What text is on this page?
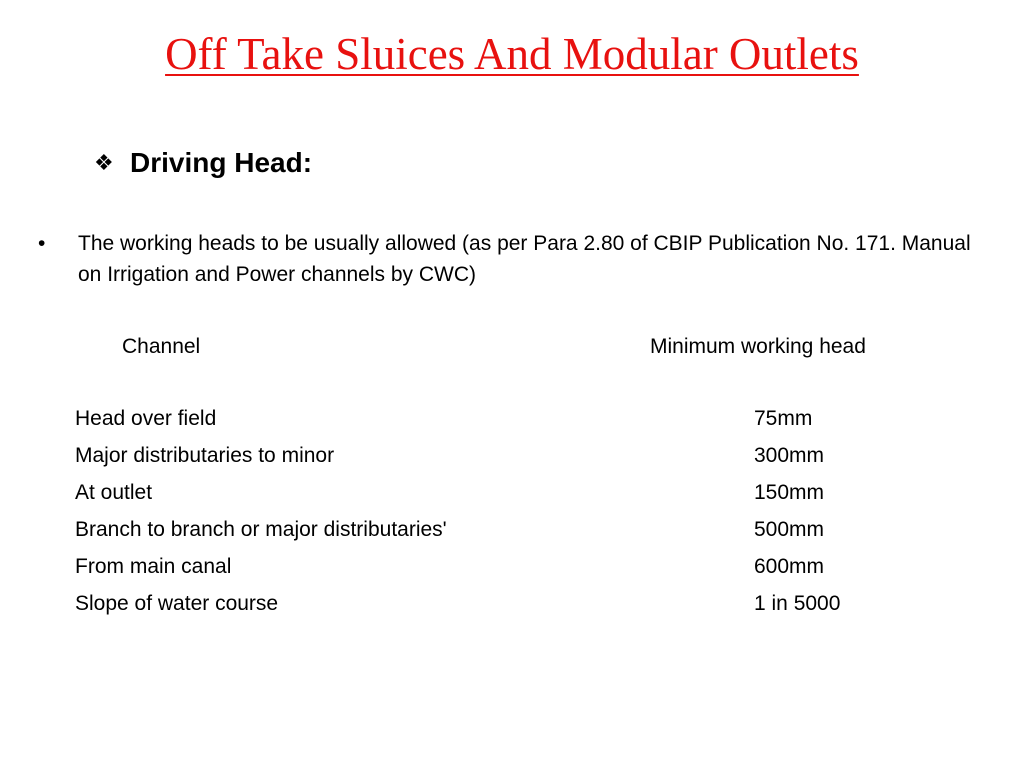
Off Take Sluices And Modular Outlets
❖ Driving Head:
•	The working heads to be usually allowed (as per Para 2.80 of CBIP Publication No. 171. Manual on Irrigation and Power channels by CWC)
Channel	Minimum working head
Head over field	75mm
Major distributaries to minor	300mm
At outlet	150mm
Branch to branch or major distributaries'	500mm
From main canal	600mm
Slope of water course	1 in 5000
